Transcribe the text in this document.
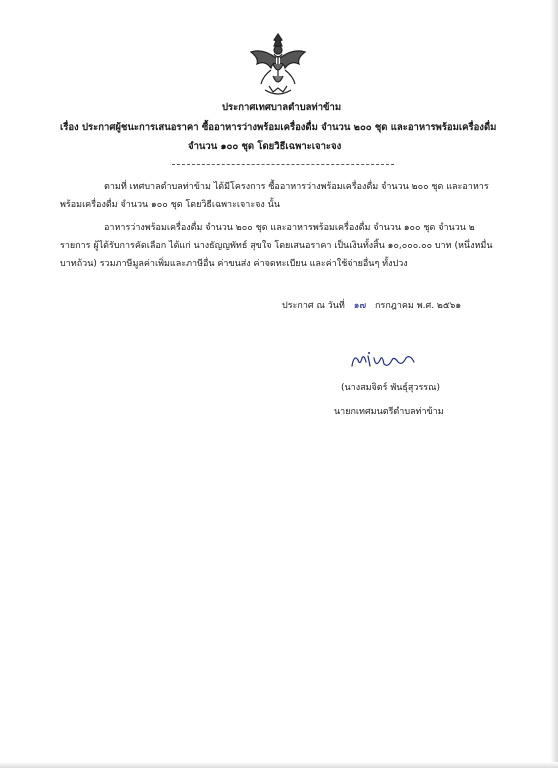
ประกาศเทศบาลตำบลท่าข้าม
เรื่อง ประกาศผู้ชนะการเสนอราคา ซื้ออาหารว่างพร้อมเครื่องดื่ม จำนวน ๒๐๐ ชุด และอาหารพร้อมเครื่องดื่ม
จำนวน ๑๐๐ ชุด โดยวิธีเฉพาะเจาะจง
ตามที่ เทศบาลตำบลท่าข้าม ได้มีโครงการ ซื้ออาหารว่างพร้อมเครื่องดื่ม จำนวน ๒๐๐ ชุด และอาหาร
พร้อมเครื่องดื่ม จำนวน ๑๐๐ ชุด โดยวิธีเฉพาะเจาะจง นั้น
อาหารว่างพร้อมเครื่องดื่ม จำนวน ๒๐๐ ชุด และอาหารพร้อมเครื่องดื่ม จำนวน ๑๐๐ ชุด จำนวน ๒
รายการ ผู้ได้รับการคัดเลือก ได้แก่ นางธัญญพัทธ์ สุขใจ โดยเสนอราคา เป็นเงินทั้งสิ้น ๑๐,๐๐๐.๐๐ บาท (หนึ่งหมื่น
บาทถ้วน) รวมภาษีมูลค่าเพิ่มและภาษีอื่น ค่าขนส่ง ค่าจดทะเบียน และค่าใช้จ่ายอื่นๆ ทั้งปวง
ประกาศ ณ วันที่ ๑๗ กรกฎาคม พ.ศ. ๒๕๖๑
(นางสมจิตร์ พันธุ์สุวรรณ)
นายกเทศมนตรีตำบลท่าข้าม
